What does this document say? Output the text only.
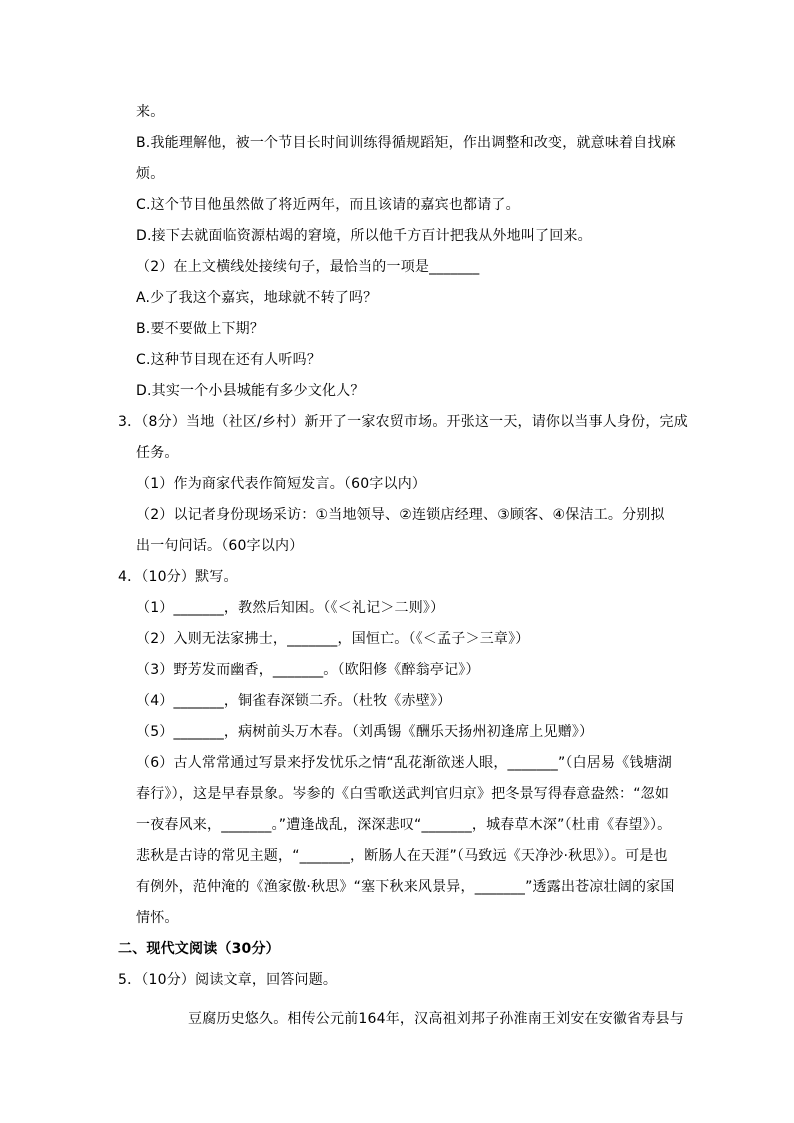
来。
B.我能理解他，被一个节目长时间训练得循规蹈矩，作出调整和改变，就意味着自找麻
烦。
C.这个节目他虽然做了将近两年，而且该请的嘉宾也都请了。
D.接下去就面临资源枯竭的窘境，所以他千方百计把我从外地叫了回来。
（2）在上文横线处接续句子，最恰当的一项是_______
A.少了我这个嘉宾，地球就不转了吗？
B.要不要做上下期？
C.这种节目现在还有人听吗？
D.其实一个小县城能有多少文化人？
3．（8分）当地（社区/乡村）新开了一家农贸市场。开张这一天，请你以当事人身份，完成
任务。
（1）作为商家代表作简短发言。（60字以内）
（2）以记者身份现场采访：①当地领导、②连锁店经理、③顾客、④保洁工。分别拟
出一句问话。（60字以内）
4．（10分）默写。
（1）_______，教然后知困。（《＜礼记＞二则》）
（2）入则无法家拂士，_______，国恒亡。（《＜孟子＞三章》）
（3）野芳发而幽香，_______。（欧阳修《醉翁亭记》）
（4）_______，铜雀春深锁二乔。（杜牧《赤壁》）
（5）_______，病树前头万木春。（刘禹锡《酬乐天扬州初逢席上见赠》）
（6）古人常常通过写景来抒发忧乐之情“乱花渐欲迷人眼，_______”（白居易《钱塘湖
春行》），这是早春景象。岑参的《白雪歌送武判官归京》把冬景写得春意盎然：“忽如
一夜春风来，_______。”遭逢战乱，深深悲叹“_______，城春草木深”（杜甫《春望》）。
悲秋是古诗的常见主题，“_______，断肠人在天涯”（马致远《天净沙·秋思》）。可是也
有例外，范仲淹的《渔家傲·秋思》“塞下秋来风景异，_______”透露出苍凉壮阔的家国
情怀。
二、现代文阅读（30分）
5．（10分）阅读文章，回答问题。
豆腐历史悠久。相传公元前164年，汉高祖刘邦子孙淮南王刘安在安徽省寿县与
